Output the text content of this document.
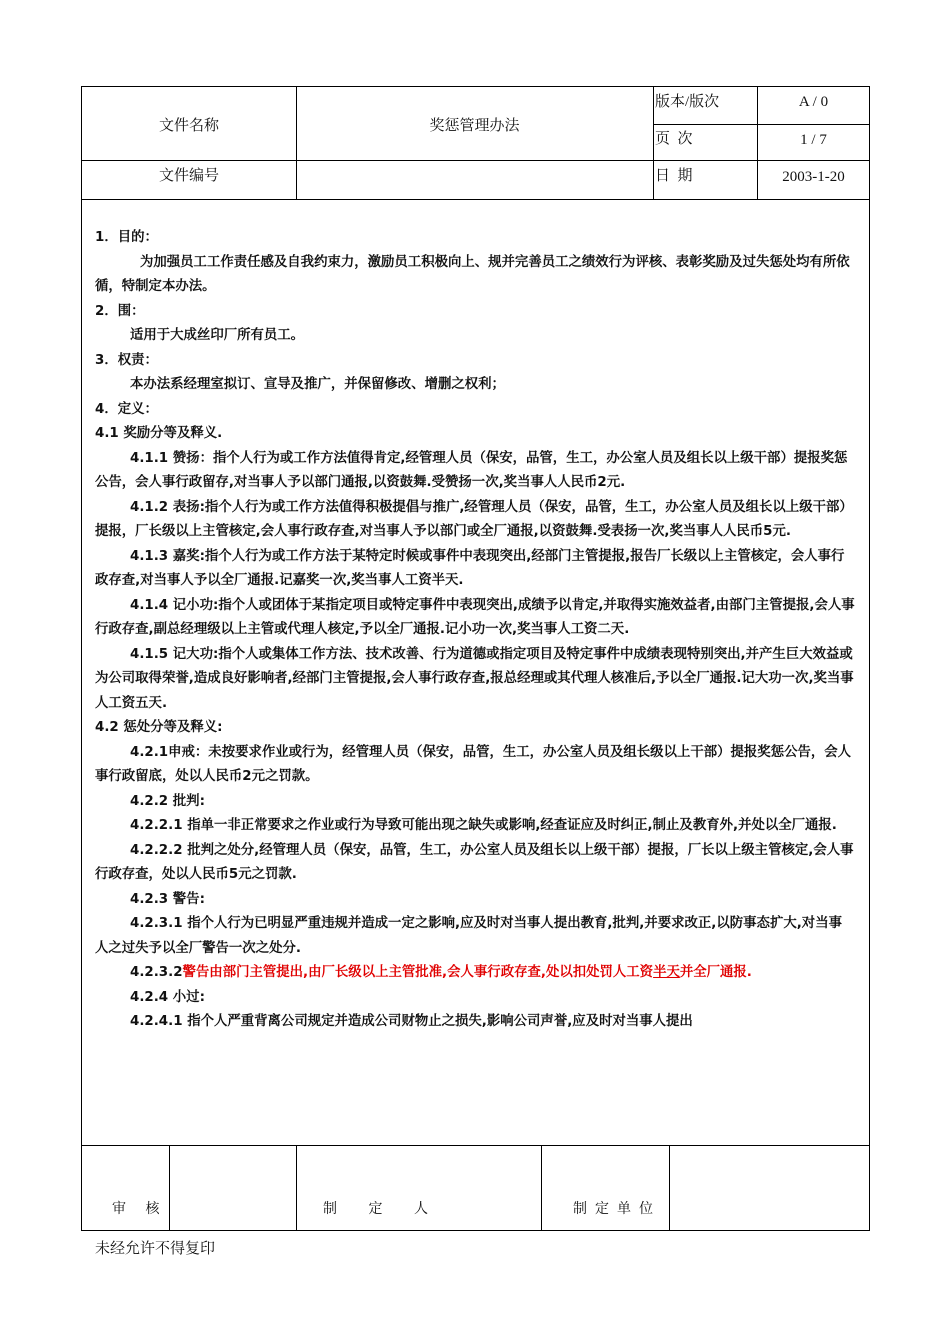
文件名称	奖惩管理办法
版本/版次	A / 0
页  次	1 / 7
文件编号	日  期	2003-1-20

1．目的：

为加强员工工作责任感及自我约束力，激励员工积极向上、规并完善员工之绩效行为评核、表彰奖励及过失惩处均有所依循，特制定本办法。

2．围：

适用于大成丝印厂所有员工。

3．权责：

本办法系经理室拟订、宣导及推广，并保留修改、增删之权利；

4．定义：

4.1 奖励分等及释义.

4.1.1 赞扬：指个人行为或工作方法值得肯定,经管理人员（保安，品管，生工，办公室人员及组长以上级干部）提报奖惩公告，会人事行政留存,对当事人予以部门通报,以资鼓舞.受赞扬一次,奖当事人人民币2元.

4.1.2 表扬:指个人行为或工作方法值得积极提倡与推广,经管理人员（保安，品管，生工，办公室人员及组长以上级干部）提报，厂长级以上主管核定,会人事行政存查,对当事人予以部门或全厂通报,以资鼓舞.受表扬一次,奖当事人人民币5元.

4.1.3 嘉奖:指个人行为或工作方法于某特定时候或事件中表现突出,经部门主管提报,报告厂长级以上主管核定，会人事行政存查,对当事人予以全厂通报.记嘉奖一次,奖当事人工资半天.

4.1.4 记小功:指个人或团体于某指定项目或特定事件中表现突出,成绩予以肯定,并取得实施效益者,由部门主管提报,会人事行政存查,副总经理级以上主管或代理人核定,予以全厂通报.记小功一次,奖当事人工资二天.

4.1.5 记大功:指个人或集体工作方法、技术改善、行为道德或指定项目及特定事件中成绩表现特别突出,并产生巨大效益或为公司取得荣誉,造成良好影响者,经部门主管提报,会人事行政存查,报总经理或其代理人核准后,予以全厂通报.记大功一次,奖当事人工资五天.

4.2 惩处分等及释义:

4.2.1申戒：未按要求作业或行为，经管理人员（保安，品管，生工，办公室人员及组长级以上干部）提报奖惩公告，会人事行政留底，处以人民币2元之罚款。

4.2.2 批判:

4.2.2.1 指单一非正常要求之作业或行为导致可能出现之缺失或影响,经查证应及时纠正,制止及教育外,并处以全厂通报.

4.2.2.2 批判之处分,经管理人员（保安，品管，生工，办公室人员及组长以上级干部）提报，厂长以上级主管核定,会人事行政存查，处以人民币5元之罚款.

4.2.3 警告:

4.2.3.1 指个人行为已明显严重违规并造成一定之影响,应及时对当事人提出教育,批判,并要求改正,以防事态扩大,对当事人之过失予以全厂警告一次之处分.

4.2.3.2警告由部门主管提出,由厂长级以上主管批准,会人事行政存查,处以扣处罚人工资半天并全厂通报.

4.2.4 小过:

4.2.4.1 指个人严重背离公司规定并造成公司财物止之损失,影响公司声誉,应及时对当事人提出

审 核	制 定 人	制定单位
未经允许不得复印
